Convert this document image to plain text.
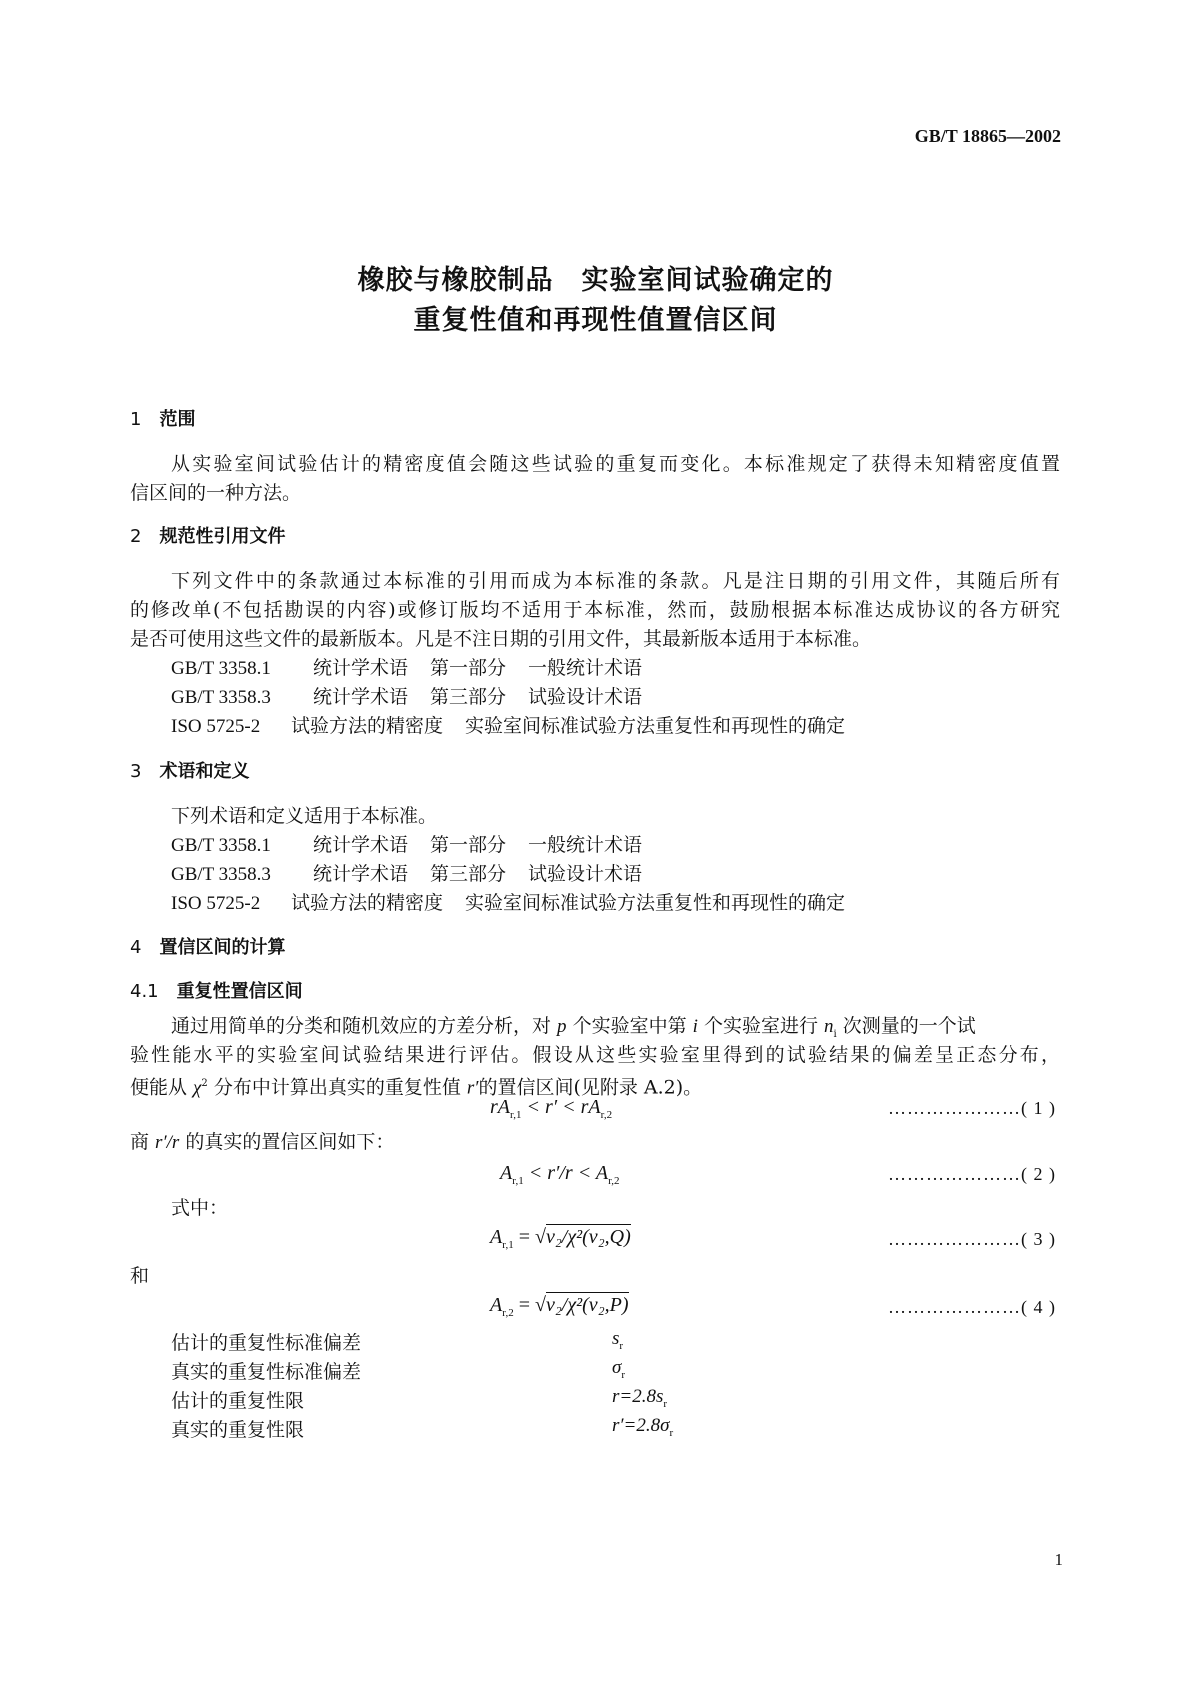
GB/T 18865—2002
橡胶与橡胶制品　实验室间试验确定的
重复性值和再现性值置信区间
1 范围
从实验室间试验估计的精密度值会随这些试验的重复而变化。本标准规定了获得未知精密度值置
信区间的一种方法。
2 规范性引用文件
下列文件中的条款通过本标准的引用而成为本标准的条款。凡是注日期的引用文件，其随后所有
的修改单(不包括勘误的内容)或修订版均不适用于本标准，然而，鼓励根据本标准达成协议的各方研究
是否可使用这些文件的最新版本。凡是不注日期的引用文件，其最新版本适用于本标准。
GB/T 3358.1 统计学术语 第一部分 一般统计术语
GB/T 3358.3 统计学术语 第三部分 试验设计术语
ISO 5725-2 试验方法的精密度 实验室间标准试验方法重复性和再现性的确定
3 术语和定义
下列术语和定义适用于本标准。
GB/T 3358.1 统计学术语 第一部分 一般统计术语
GB/T 3358.3 统计学术语 第三部分 试验设计术语
ISO 5725-2 试验方法的精密度 实验室间标准试验方法重复性和再现性的确定
4 置信区间的计算
4.1 重复性置信区间
通过用简单的分类和随机效应的方差分析，对 p 个实验室中第 i 个实验室进行 $n_i$ 次测量的一个试
验性能水平的实验室间试验结果进行评估。假设从这些实验室里得到的试验结果的偏差呈正态分布，
便能从 $\chi^2$ 分布中计算出真实的重复性值 r′的置信区间(见附录 A.2)。
$rA_{r,1} < r' < rA_{r,2}$	…………………( 1 )
商 r′/r 的真实的置信区间如下：
$A_{r,1} < r'/r < A_{r,2}$	…………………( 2 )
式中：
$A_{r,1} = √\nu_2/\chi^2(\nu_2,Q)$	…………………( 3 )
和
$A_{r,2} = √\nu_2/\chi^2(\nu_2,P)$	…………………( 4 )
估计的重复性标准偏差	$s_r$
真实的重复性标准偏差	$\sigma_r$
估计的重复性限	$r=2.8s_r$
真实的重复性限	$r'=2.8\sigma_r$
1
